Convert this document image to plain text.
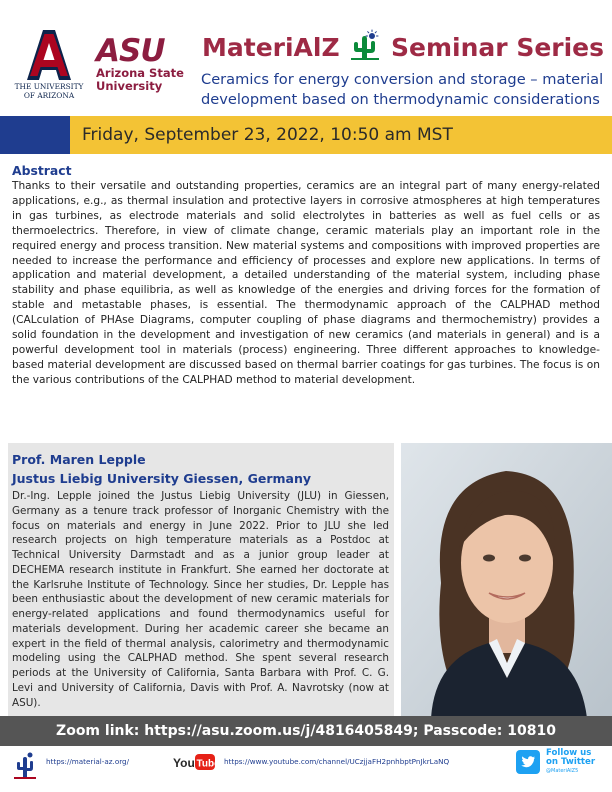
THE UNIVERSITY
OF ARIZONA
ASU
Arizona State
University
MateriAlZ Seminar Series
Ceramics for energy conversion and storage – material development based on thermodynamic considerations
Friday, September 23, 2022, 10:50 am MST
Abstract
Thanks to their versatile and outstanding properties, ceramics are an integral part of many energy-related applications, e.g., as thermal insulation and protective layers in corrosive atmospheres at high temperatures in gas turbines, as electrode materials and solid electrolytes in batteries as well as fuel cells or as thermoelectrics. Therefore, in view of climate change, ceramic materials play an important role in the required energy and process transition. New material systems and compositions with improved properties are needed to increase the performance and efficiency of processes and explore new applications. In terms of application and material development, a detailed understanding of the material system, including phase stability and phase equilibria, as well as knowledge of the energies and driving forces for the formation of stable and metastable phases, is essential. The thermodynamic approach of the CALPHAD method (CALculation of PHAse Diagrams, computer coupling of phase diagrams and thermochemistry) provides a solid foundation in the development and investigation of new ceramics (and materials in general) and is a powerful development tool in materials (process) engineering. Three different approaches to knowledge-based material development are discussed based on thermal barrier coatings for gas turbines. The focus is on the various contributions of the CALPHAD method to material development.
Prof. Maren Lepple
Justus Liebig University Giessen, Germany
Dr.-Ing. Lepple joined the Justus Liebig University (JLU) in Giessen, Germany as a tenure track professor of Inorganic Chemistry with the focus on materials and energy in June 2022. Prior to JLU she led research projects on high temperature materials as a Postdoc at Technical University Darmstadt and as a junior group leader at DECHEMA research institute in Frankfurt. She earned her doctorate at the Karlsruhe Institute of Technology. Since her studies, Dr. Lepple has been enthusiastic about the development of new ceramic materials for energy-related applications and found thermodynamics useful for materials development. During her academic career she became an expert in the field of thermal analysis, calorimetry and thermodynamic modeling using the CALPHAD method. She spent several research periods at the University of California, Santa Barbara with Prof. C. G. Levi and University of California, Davis with Prof. A. Navrotsky (now at ASU).
Zoom link: https://asu.zoom.us/j/4816405849; Passcode: 10810
https://material-az.org/	You Tube https://www.youtube.com/channel/UCzjjaFH2pnhbptPnJkrLaNQ
Follow us
on Twitter
@MateriAlZ5
